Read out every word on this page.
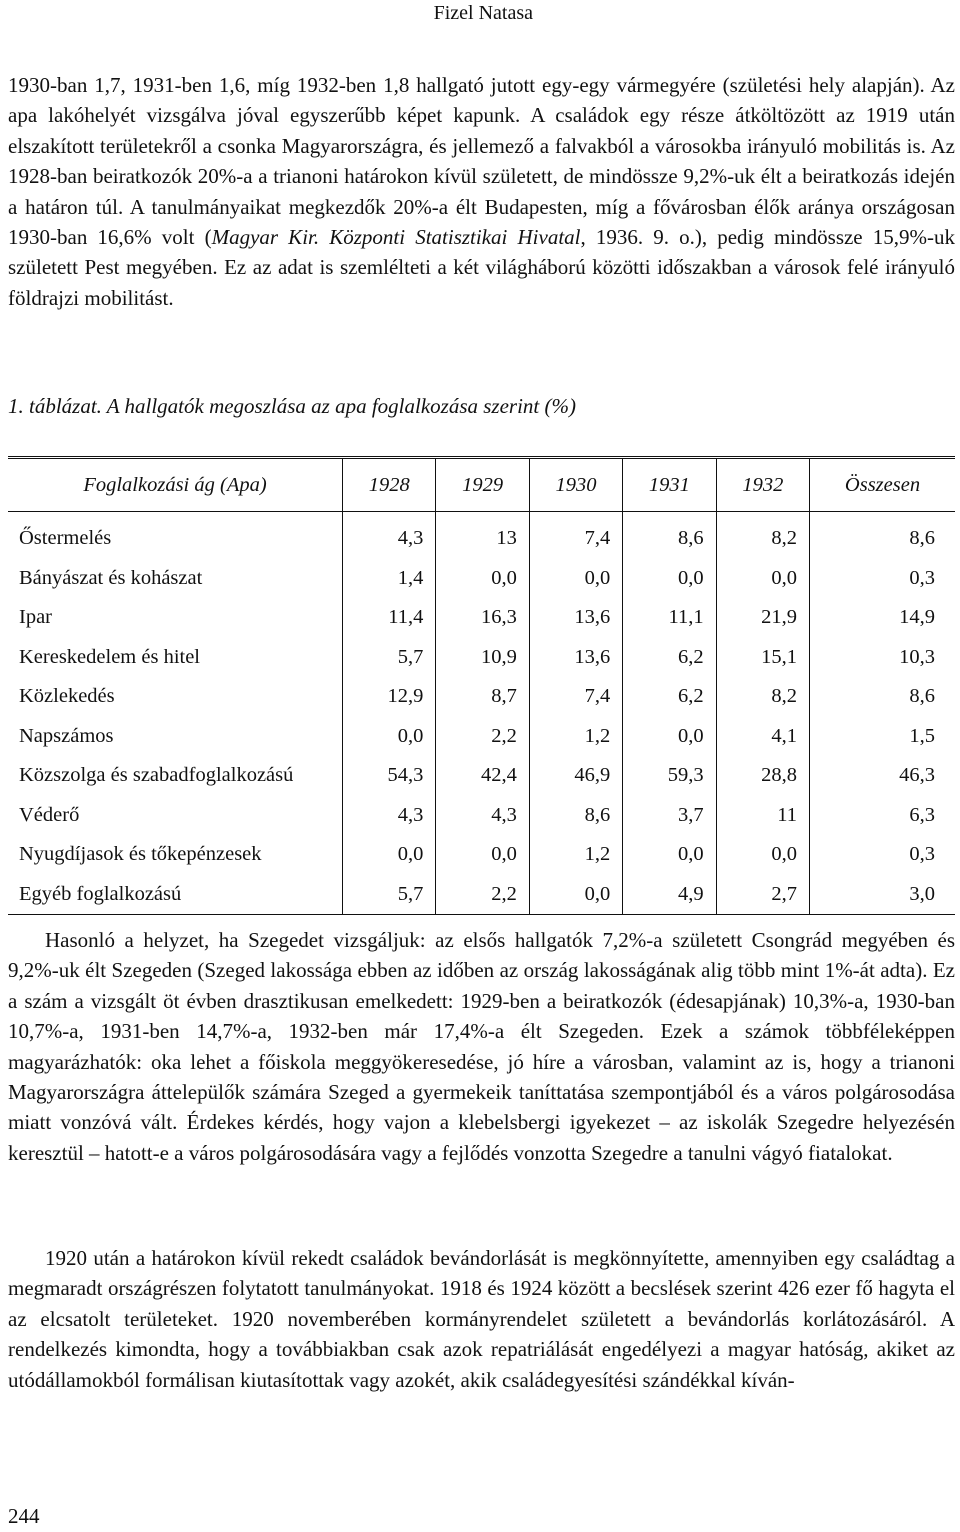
Fizel Natasa

1930-ban 1,7, 1931-ben 1,6, míg 1932-ben 1,8 hallgató jutott egy-egy vármegyére (születési hely alapján). Az apa lakóhelyét vizsgálva jóval egyszerűbb képet kapunk. A családok egy része átköltözött az 1919 után elszakított területekről a csonka Magyarországra, és jellemező a falvakból a városokba irányuló mobilitás is. Az 1928-ban beiratkozók 20%-a a trianoni határokon kívül született, de mindössze 9,2%-uk élt a beiratkozás idején a határon túl. A tanulmányaikat megkezdők 20%-a élt Budapesten, míg a fővárosban élők aránya országosan 1930-ban 16,6% volt (Magyar Kir. Központi Statisztikai Hivatal, 1936. 9. o.), pedig mindössze 15,9%-uk született Pest megyében. Ez az adat is szemlélteti a két világháború közötti időszakban a városok felé irányuló földrajzi mobilitást.

1. táblázat. A hallgatók megoszlása az apa foglalkozása szerint (%)

Foglalkozási ág (Apa)	1928	1929	1930	1931	1932	Összesen
Őstermelés	4,3	13	7,4	8,6	8,2	8,6
Bányászat és kohászat	1,4	0,0	0,0	0,0	0,0	0,3
Ipar	11,4	16,3	13,6	11,1	21,9	14,9
Kereskedelem és hitel	5,7	10,9	13,6	6,2	15,1	10,3
Közlekedés	12,9	8,7	7,4	6,2	8,2	8,6
Napszámos	0,0	2,2	1,2	0,0	4,1	1,5
Közszolga és szabadfoglalkozású	54,3	42,4	46,9	59,3	28,8	46,3
Véderő	4,3	4,3	8,6	3,7	11	6,3
Nyugdíjasok és tőkepénzesek	0,0	0,0	1,2	0,0	0,0	0,3
Egyéb foglalkozású	5,7	2,2	0,0	4,9	2,7	3,0

Hasonló a helyzet, ha Szegedet vizsgáljuk: az elsős hallgatók 7,2%-a született Csongrád megyében és 9,2%-uk élt Szegeden (Szeged lakossága ebben az időben az ország lakosságának alig több mint 1%-át adta). Ez a szám a vizsgált öt évben drasztikusan emelkedett: 1929-ben a beiratkozók (édesapjának) 10,3%-a, 1930-ban 10,7%-a, 1931-ben 14,7%-a, 1932-ben már 17,4%-a élt Szegeden. Ezek a számok többféleképpen magyarázhatók: oka lehet a főiskola meggyökeresedése, jó híre a városban, valamint az is, hogy a trianoni Magyarországra áttelepülők számára Szeged a gyermekeik taníttatása szempontjából és a város polgárosodása miatt vonzóvá vált. Érdekes kérdés, hogy vajon a klebelsbergi igyekezet – az iskolák Szegedre helyezésén keresztül – hatott-e a város polgárosodására vagy a fejlődés vonzotta Szegedre a tanulni vágyó fiatalokat.

1920 után a határokon kívül rekedt családok bevándorlását is megkönnyítette, amennyiben egy családtag a megmaradt országrészen folytatott tanulmányokat. 1918 és 1924 között a becslések szerint 426 ezer fő hagyta el az elcsatolt területeket. 1920 novemberében kormányrendelet született a bevándorlás korlátozásáról. A rendelkezés kimondta, hogy a továbbiakban csak azok repatriálását engedélyezi a magyar hatóság, akiket az utódállamokból formálisan kiutasítottak vagy azokét, akik családegyesítési szándékkal kíván-

244
